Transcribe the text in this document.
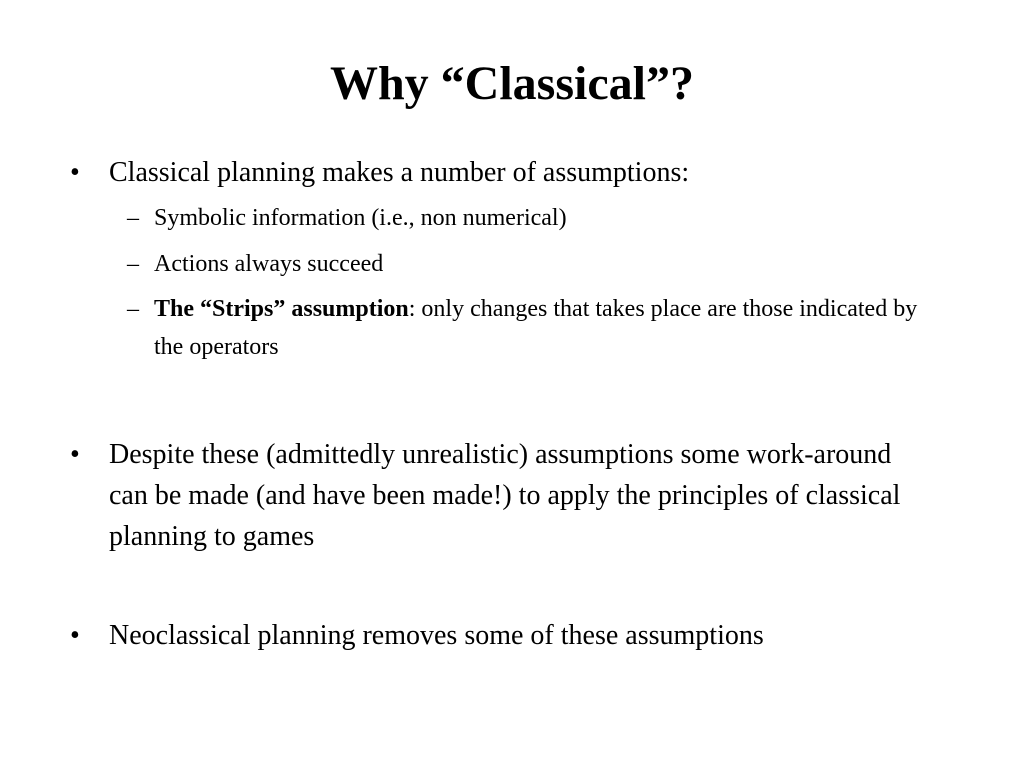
Why “Classical”?
• Classical planning makes a number of assumptions:
– Symbolic information (i.e., non numerical)
– Actions always succeed
– The “Strips” assumption: only changes that takes place are those indicated by the operators
• Despite these (admittedly unrealistic) assumptions some work-around can be made (and have been made!) to apply the principles of classical planning to games
• Neoclassical planning removes some of these assumptions
